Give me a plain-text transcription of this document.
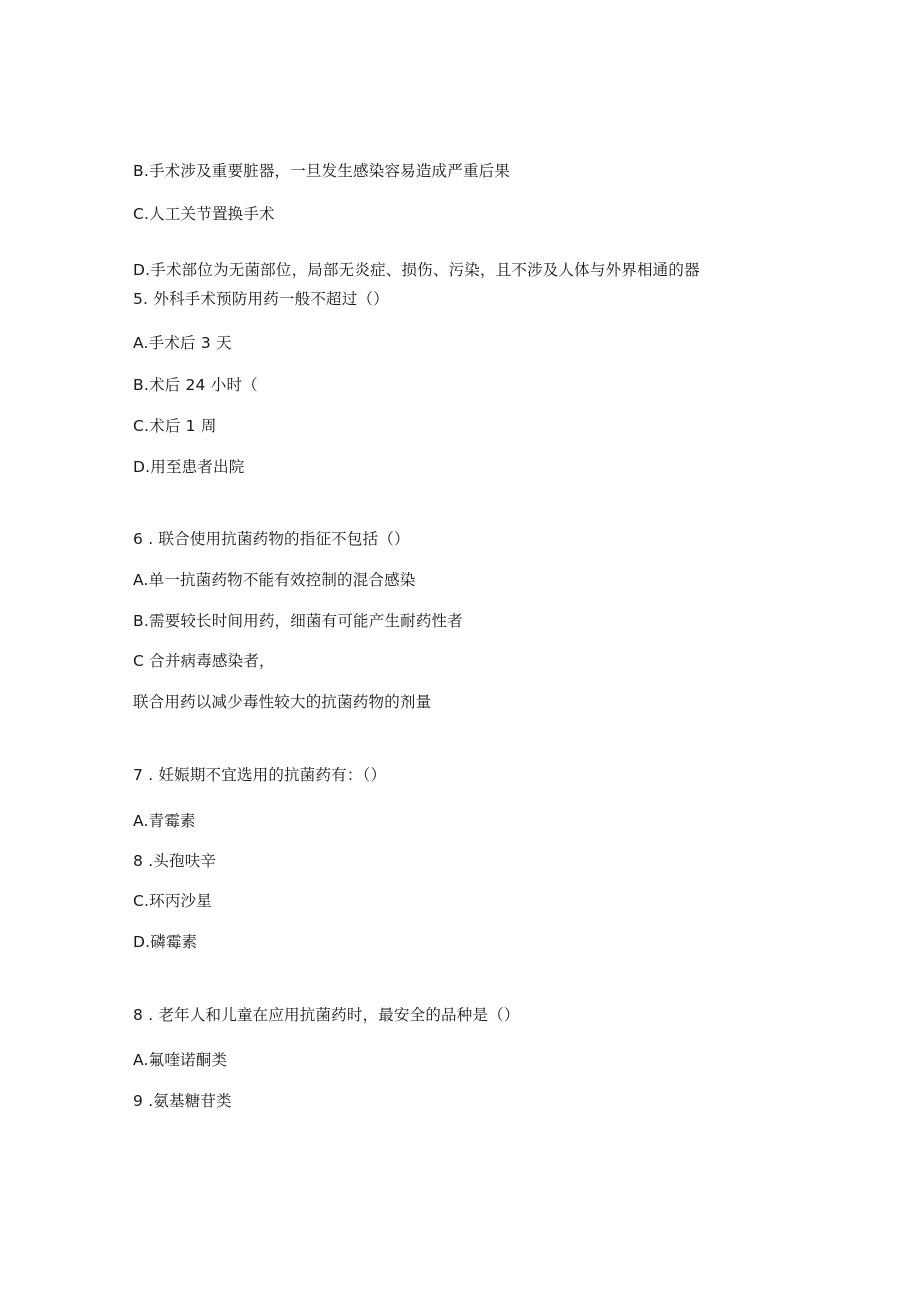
B.手术涉及重要脏器，一旦发生感染容易造成严重后果
C.人工关节置换手术
D.手术部位为无菌部位，局部无炎症、损伤、污染，且不涉及人体与外界相通的器
5. 外科手术预防用药一般不超过（）
A.手术后 3 天
B.术后 24 小时（
C.术后 1 周
D.用至患者出院
6 . 联合使用抗菌药物的指征不包括（）
A.单一抗菌药物不能有效控制的混合感染
B.需要较长时间用药，细菌有可能产生耐药性者
C 合并病毒感染者，
联合用药以减少毒性较大的抗菌药物的剂量
7 . 妊娠期不宜选用的抗菌药有：（）
A.青霉素
8 .头孢呋辛
C.环丙沙星
D.磷霉素
8 . 老年人和儿童在应用抗菌药时，最安全的品种是（）
A.氟喹诺酮类
9 .氨基糖苷类
